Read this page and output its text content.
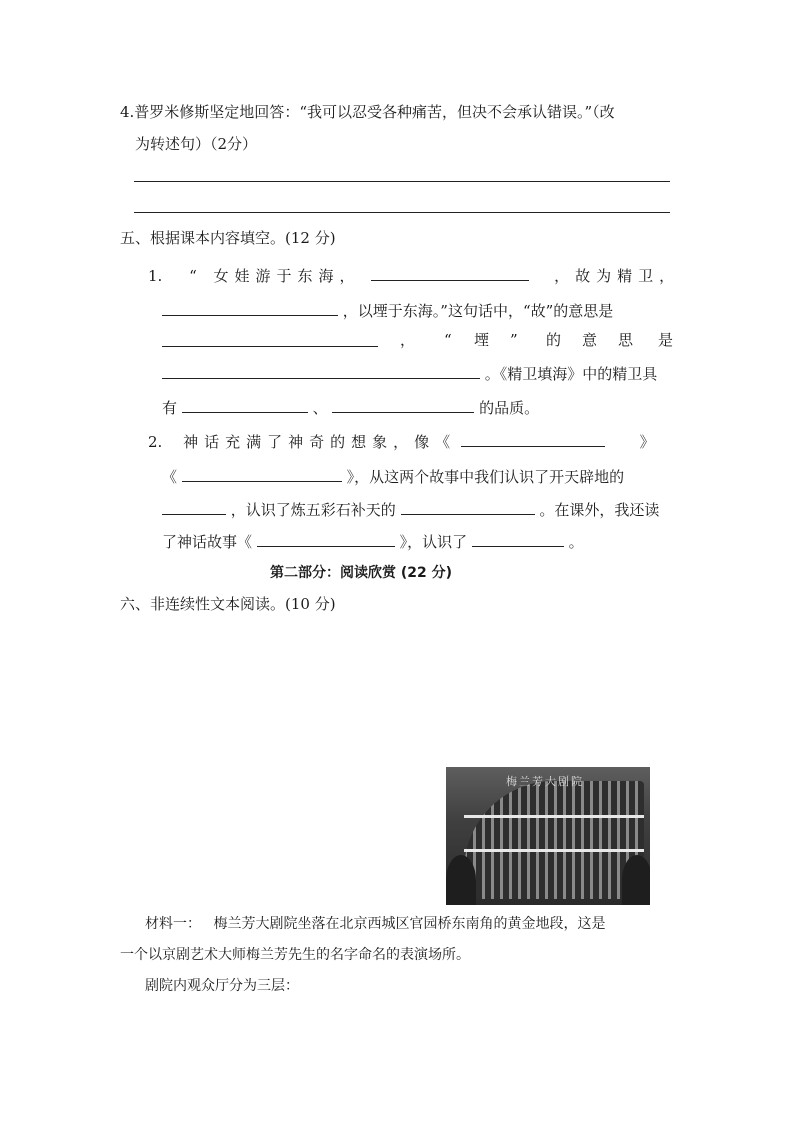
4.普罗米修斯坚定地回答：“我可以忍受各种痛苦，但决不会承认错误。”（改
为转述句）（2分）
五、根据课本内容填空。(12 分)
1. “ 女娃游于东海，	，故为精卫，
，以堙于东海。”这句话中，“故”的意思是
， “ 堙 ” 的 意 思 是
。《精卫填海》中的精卫具
有	、	的品质。
2. 神话充满了神奇的想象，像《	》
《	》，从这两个故事中我们认识了开天辟地的
，认识了炼五彩石补天的	。在课外，我还读
了神话故事《	》，认识了	。
第二部分：阅读欣赏 (22 分)
六、非连续性文本阅读。(10 分)
梅兰芳大剧院
材料一： 梅兰芳大剧院坐落在北京西城区官园桥东南角的黄金地段，这是
一个以京剧艺术大师梅兰芳先生的名字命名的表演场所。
剧院内观众厅分为三层：
